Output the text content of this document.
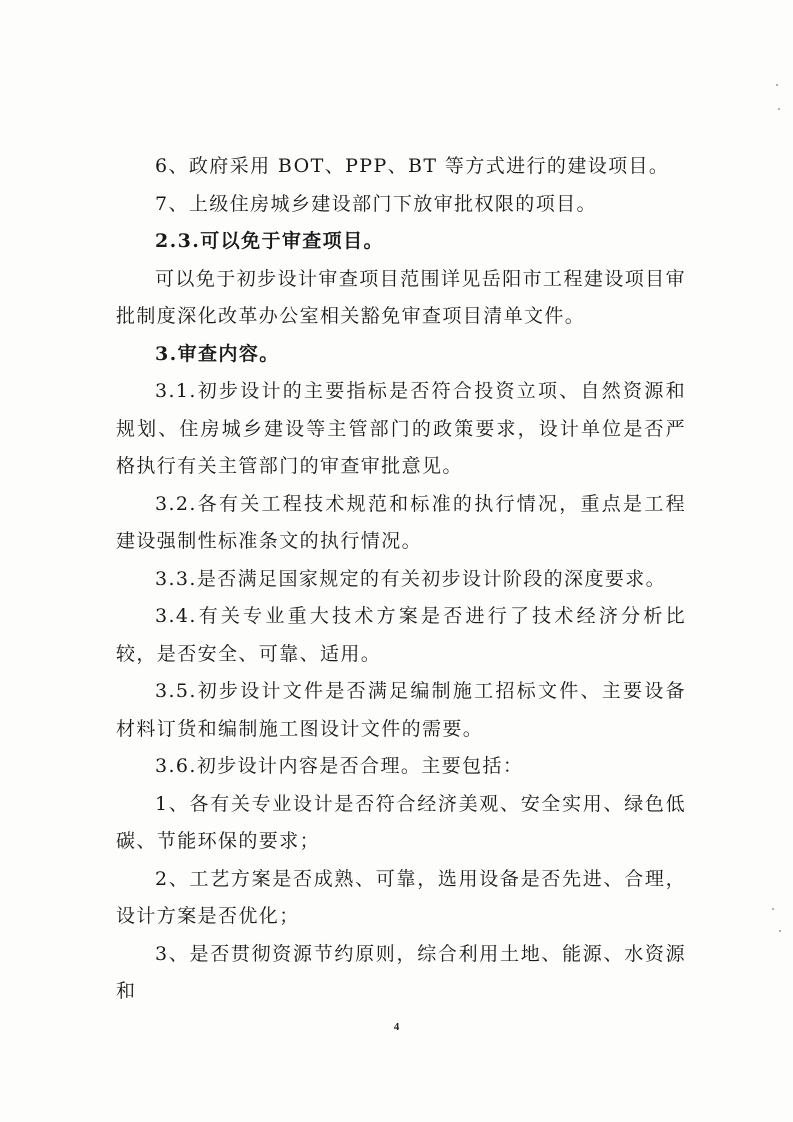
6、政府采用 BOT、PPP、BT 等方式进行的建设项目。

7、上级住房城乡建设部门下放审批权限的项目。

2.3.可以免于审查项目。

可以免于初步设计审查项目范围详见岳阳市工程建设项目审批制度深化改革办公室相关豁免审查项目清单文件。

3.审查内容。

3.1.初步设计的主要指标是否符合投资立项、自然资源和规划、住房城乡建设等主管部门的政策要求，设计单位是否严格执行有关主管部门的审查审批意见。

3.2.各有关工程技术规范和标准的执行情况，重点是工程建设强制性标准条文的执行情况。

3.3.是否满足国家规定的有关初步设计阶段的深度要求。

3.4.有关专业重大技术方案是否进行了技术经济分析比较，是否安全、可靠、适用。

3.5.初步设计文件是否满足编制施工招标文件、主要设备材料订货和编制施工图设计文件的需要。

3.6.初步设计内容是否合理。主要包括：

1、各有关专业设计是否符合经济美观、安全实用、绿色低碳、节能环保的要求；

2、工艺方案是否成熟、可靠，选用设备是否先进、合理，设计方案是否优化；

3、是否贯彻资源节约原则，综合利用土地、能源、水资源和

4
